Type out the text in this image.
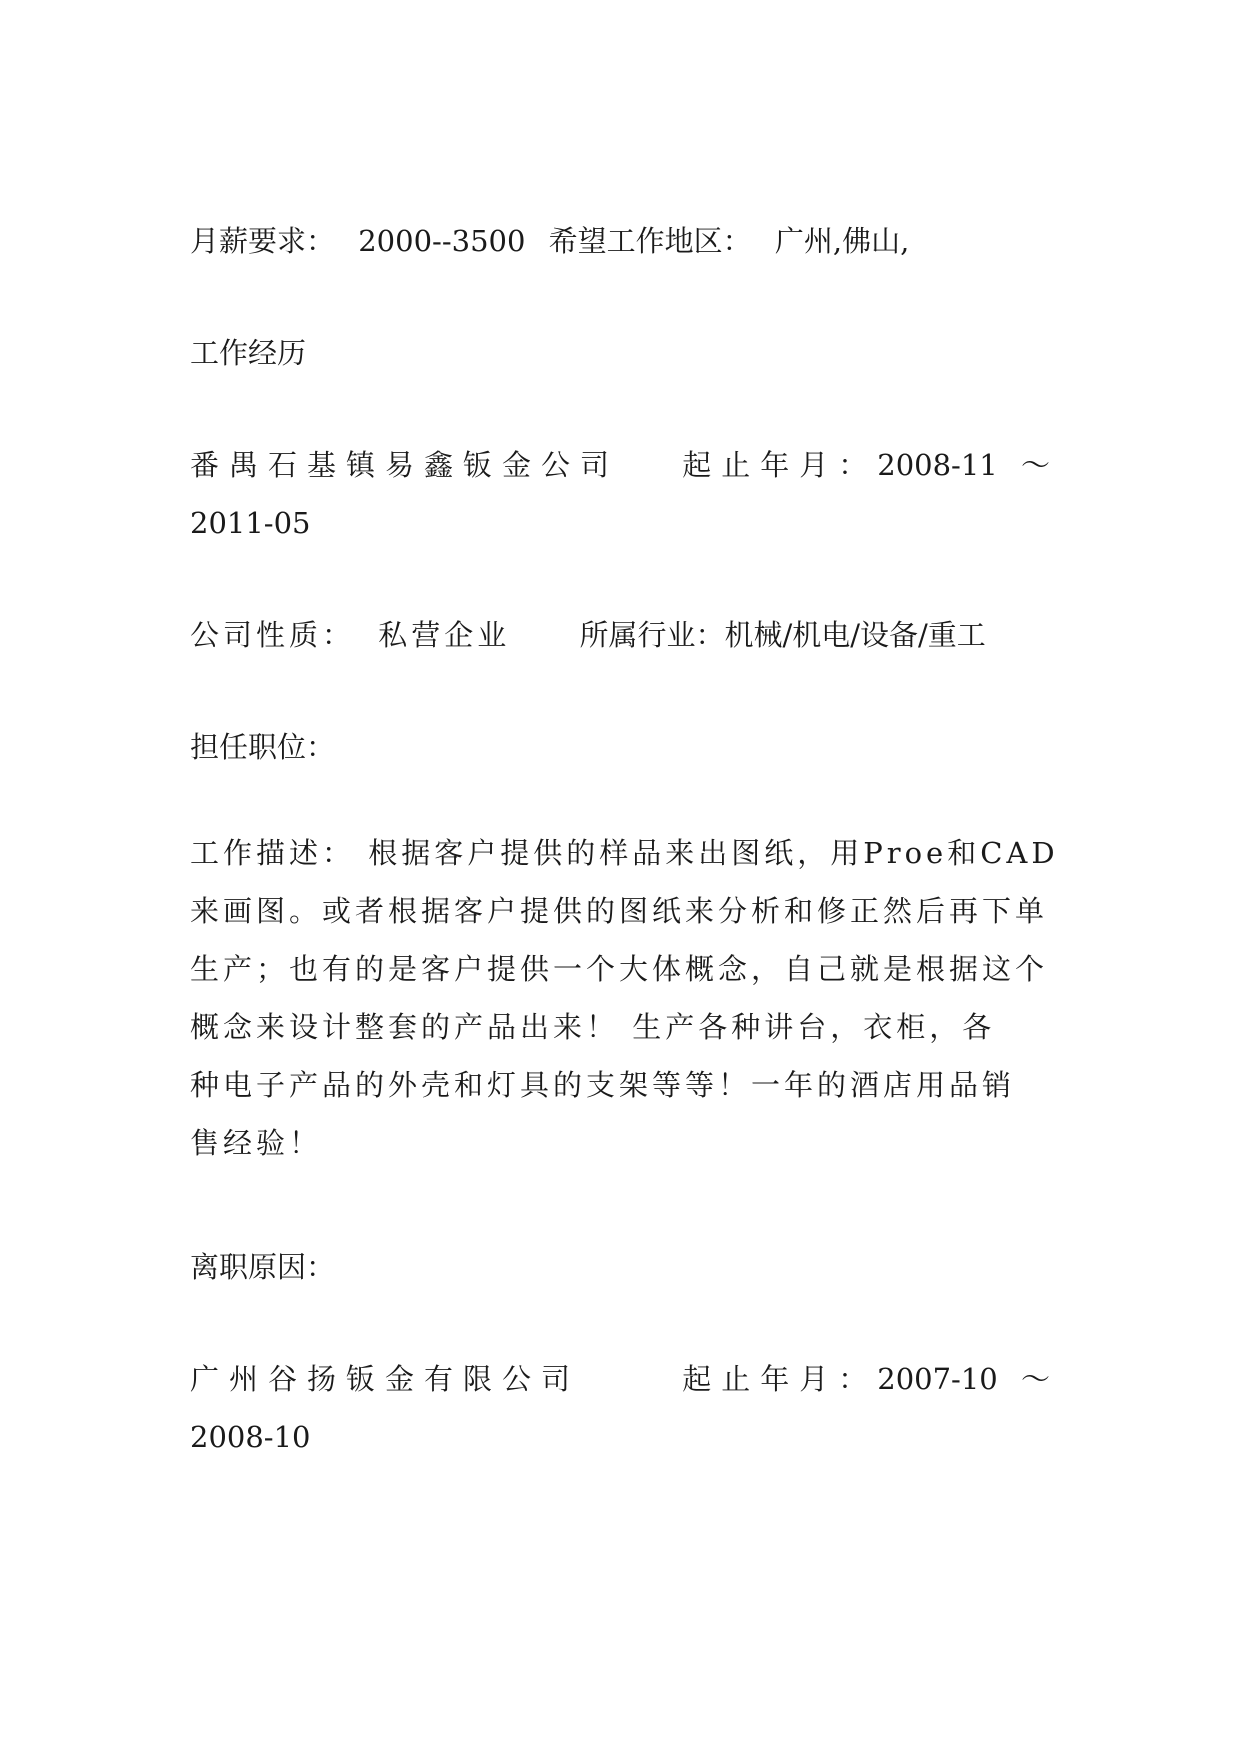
月薪要求： 2000--3500 希望工作地区： 广州,佛山,
工作经历
番禺石基镇易鑫钣金公司 起止年月：2008-11 ～
2011-05
公司性质： 私营企业 所属行业：机械/机电/设备/重工
担任职位：
工作描述： 根据客户提供的样品来出图纸，用Proe和CAD
来画图。或者根据客户提供的图纸来分析和修正然后再下单
生产；也有的是客户提供一个大体概念，自己就是根据这个
概念来设计整套的产品出来！ 生产各种讲台，衣柜，各
种电子产品的外壳和灯具的支架等等！一年的酒店用品销
售经验！
离职原因：
广州谷扬钣金有限公司	起止年月：2007-10 ～
2008-10
